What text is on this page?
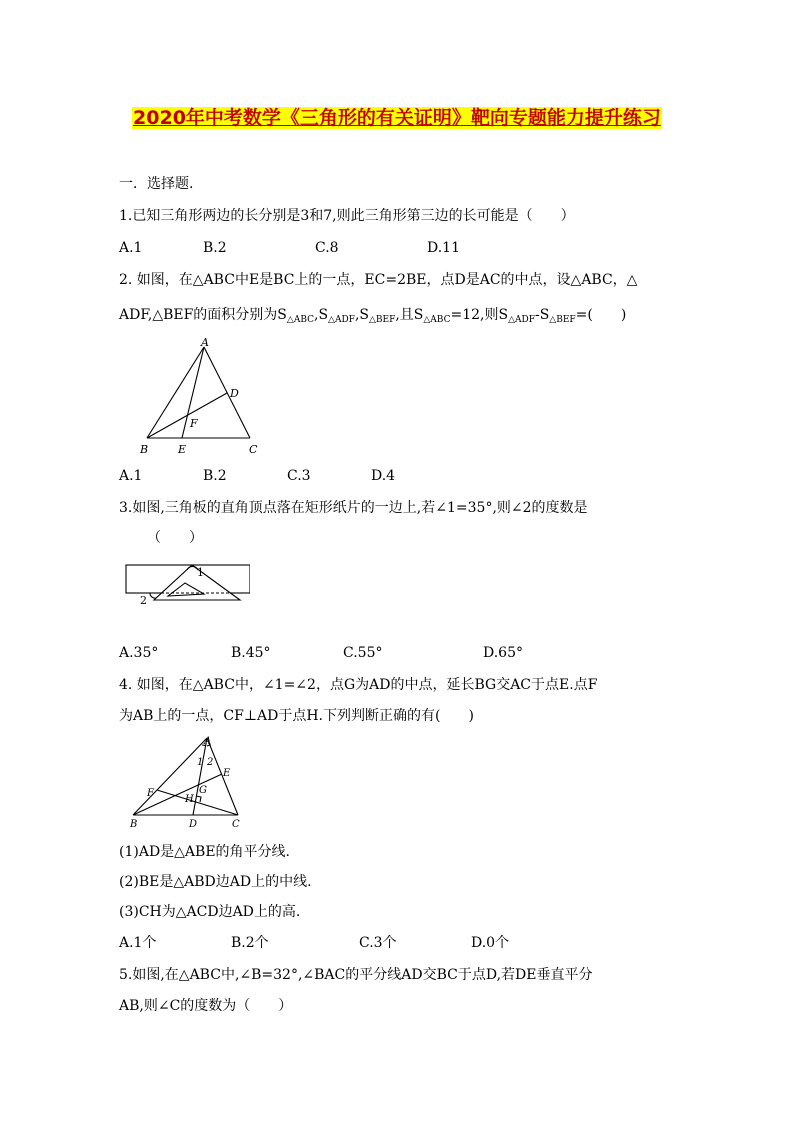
2020年中考数学《三角形的有关证明》靶向专题能力提升练习
一．选择题.
1.已知三角形两边的长分别是3和7,则此三角形第三边的长可能是（　　）
A.1	B.2	C.8	D.11
2. 如图，在△ABC中E是BC上的一点，EC=2BE，点D是AC的中点，设△ABC，△
ADF,△BEF的面积分别为$S_{\triangle ABC},S_{\triangle ADF},S_{\triangle BEF}$,且$S_{\triangle ABC}=12$,则$S_{\triangle ADF}-S_{\triangle BEF}=$(　　)
A
D
F
B	E	C
A.1	B.2	C.3	D.4
3.如图,三角板的直角顶点落在矩形纸片的一边上,若∠1=35°,则∠2的度数是
（　　）
1
2
A.35°	B.45°	C.55°	D.65°
4. 如图，在△ABC中，∠1=∠2，点G为AD的中点，延长BG交AC于点E.点F
为AB上的一点，CF⊥AD于点H.下列判断正确的有(　　)
A
1 2
E
G
F
H
B	D	C
(1)AD是△ABE的角平分线.
(2)BE是△ABD边AD上的中线.
(3)CH为△ACD边AD上的高.
A.1个	B.2个	C.3个	D.0个
5.如图,在△ABC中,∠B=32°,∠BAC的平分线AD交BC于点D,若DE垂直平分
AB,则∠C的度数为（　　）
